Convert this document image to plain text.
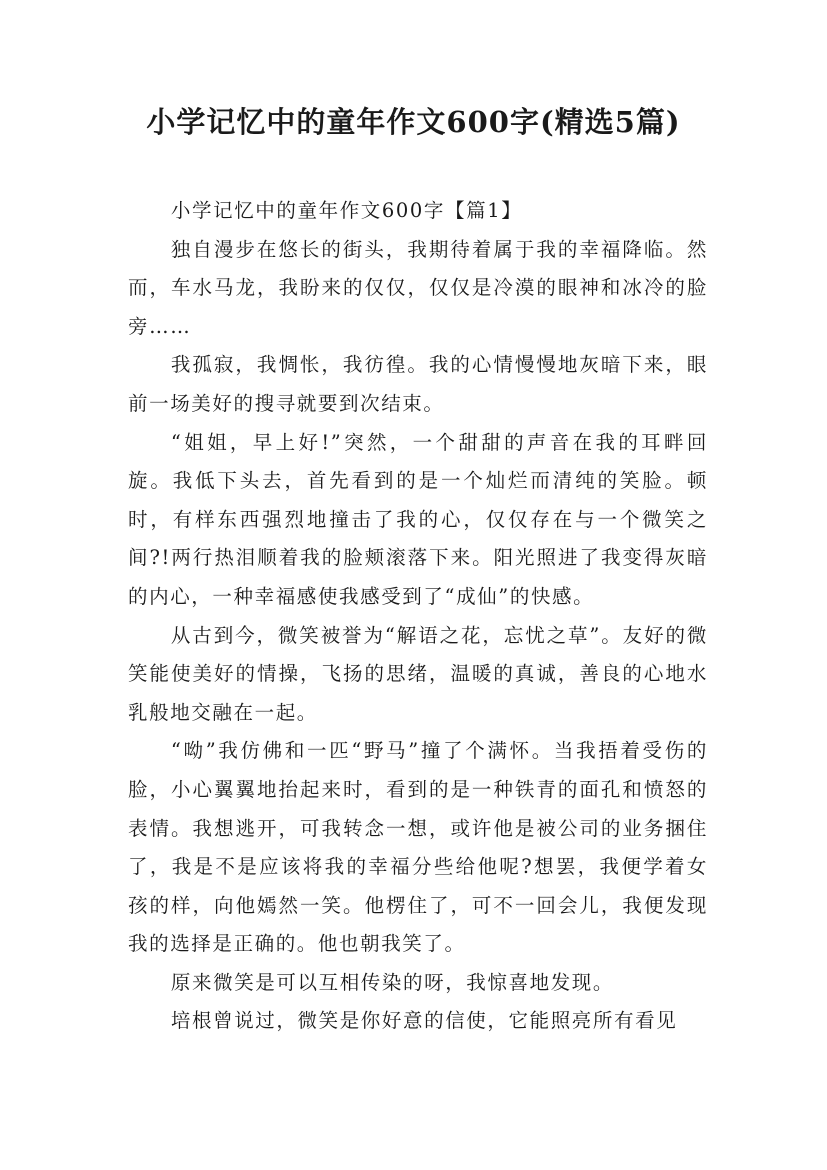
小学记忆中的童年作文600字(精选5篇)

小学记忆中的童年作文600字【篇1】

独自漫步在悠长的街头，我期待着属于我的幸福降临。然而，车水马龙，我盼来的仅仅，仅仅是冷漠的眼神和冰冷的脸旁……

我孤寂，我惆怅，我彷徨。我的心情慢慢地灰暗下来，眼前一场美好的搜寻就要到次结束。

“姐姐，早上好!”突然，一个甜甜的声音在我的耳畔回旋。我低下头去，首先看到的是一个灿烂而清纯的笑脸。顿时，有样东西强烈地撞击了我的心，仅仅存在与一个微笑之间?!两行热泪顺着我的脸颊滚落下来。阳光照进了我变得灰暗的内心，一种幸福感使我感受到了“成仙”的快感。

从古到今，微笑被誉为“解语之花，忘忧之草”。友好的微笑能使美好的情操，飞扬的思绪，温暖的真诚，善良的心地水乳般地交融在一起。

“呦”我仿佛和一匹“野马”撞了个满怀。当我捂着受伤的脸，小心翼翼地抬起来时，看到的是一种铁青的面孔和愤怒的表情。我想逃开，可我转念一想，或许他是被公司的业务捆住了，我是不是应该将我的幸福分些给他呢?想罢，我便学着女孩的样，向他嫣然一笑。他楞住了，可不一回会儿，我便发现我的选择是正确的。他也朝我笑了。

原来微笑是可以互相传染的呀，我惊喜地发现。

培根曾说过，微笑是你好意的信使，它能照亮所有看见
